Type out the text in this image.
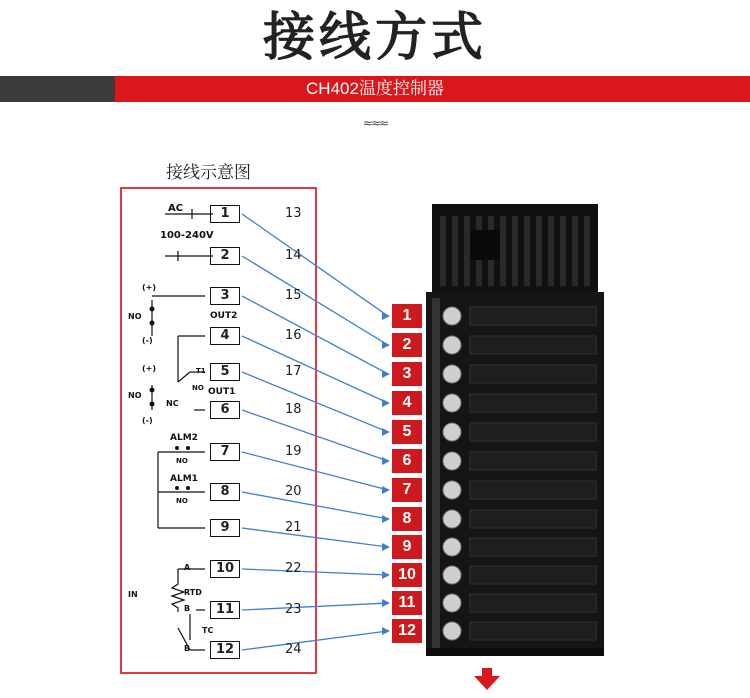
接线方式
CH402温度控制器
≈≈≈
接线示意图
1
2
3
4
5
6
7
8
9
10
11
12
AC
100-240V
(+)
NO
(-)
OUT2
(+)
NO
(-)
NC
T1
NO OUT1
ALM2
NO
ALM1
NO
A
RTD
B
TC
B
IN
13
14
15
16
17
18
19
20
21
22
23
24
1
2
3
4
5
6
7
8
9
10
11
12
